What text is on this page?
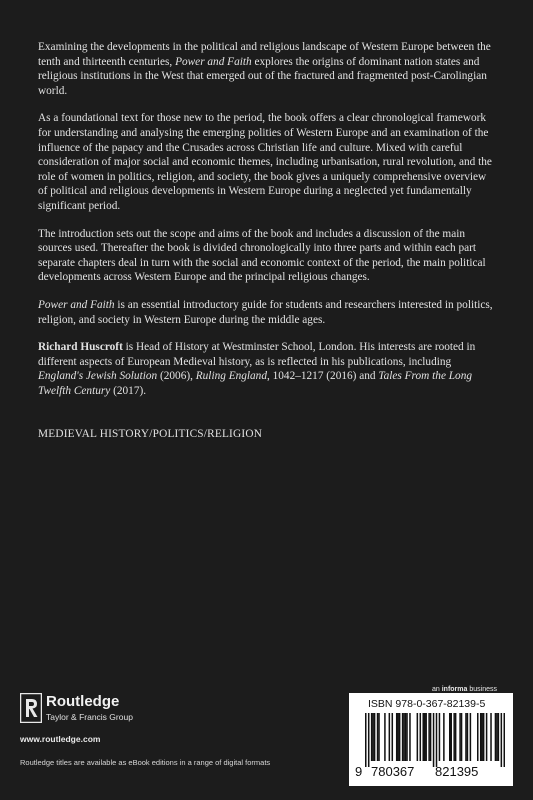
Examining the developments in the political and religious landscape of Western Europe between the tenth and thirteenth centuries, Power and Faith explores the origins of dominant nation states and religious institutions in the West that emerged out of the fractured and fragmented post-Carolingian world.

As a foundational text for those new to the period, the book offers a clear chronological framework for understanding and analysing the emerging polities of Western Europe and an examination of the influence of the papacy and the Crusades across Christian life and culture. Mixed with careful consideration of major social and economic themes, including urbanisation, rural revolution, and the role of women in politics, religion, and society, the book gives a uniquely comprehensive overview of political and religious developments in Western Europe during a neglected yet fundamentally significant period.

The introduction sets out the scope and aims of the book and includes a discussion of the main sources used. Thereafter the book is divided chronologically into three parts and within each part separate chapters deal in turn with the social and economic context of the period, the main political developments across Western Europe and the principal religious changes.

Power and Faith is an essential introductory guide for students and researchers interested in politics, religion, and society in Western Europe during the middle ages.

Richard Huscroft is Head of History at Westminster School, London. His interests are rooted in different aspects of European Medieval history, as is reflected in his publications, including England's Jewish Solution (2006), Ruling England, 1042–1217 (2016) and Tales From the Long Twelfth Century (2017).

MEDIEVAL HISTORY/POLITICS/RELIGION
Routledge
Taylor & Francis Group
www.routledge.com
Routledge titles are available as eBook editions in a range of digital formats
an informa business
ISBN 978-0-367-82139-5
9 780367 821395
